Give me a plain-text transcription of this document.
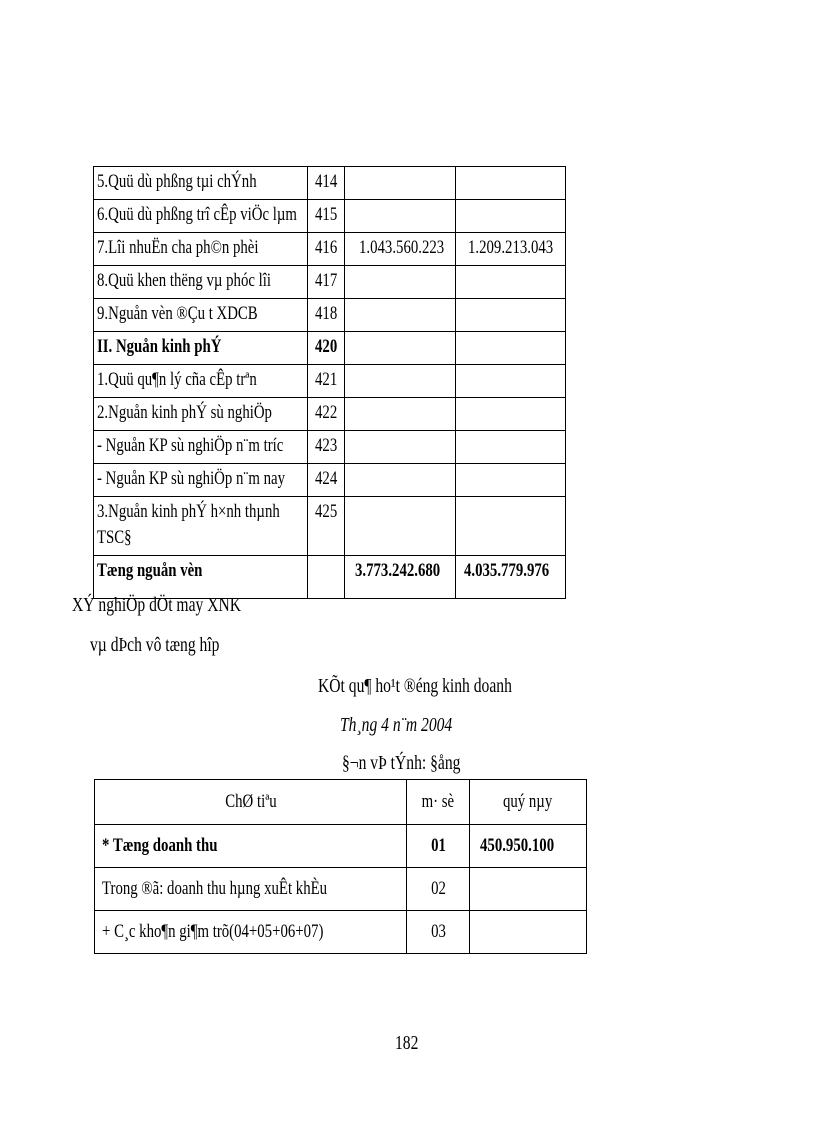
5.Quü dù phßng tµi chÝnh	414		
6.Quü dù phßng trî cÊp viÖc lµm	415		
7.Lîi nhuËn cha ph©n phèi	416	1.043.560.223	1.209.213.043
8.Quü khen thëng vµ phóc lîi	417		
9.Nguån vèn ®Çu t XDCB	418		
II. Nguån kinh phÝ	420		
1.Quü qu¶n lý cña cÊp trªn	421		
2.Nguån kinh phÝ sù nghiÖp	422		
- Nguån KP sù nghiÖp n¨m tríc	423		
- Nguån KP sù nghiÖp n¨m nay	424		
3.Nguån kinh phÝ h×nh thµnh TSC§	425		
Tæng nguån vèn		3.773.242.680	4.035.779.976
XÝ nghiÖp dÖt may XNK
vµ dÞch vô tæng hîp
KÕt qu¶ ho¹t ®éng kinh doanh
Th¸ng 4 n¨m 2004
§¬n vÞ tÝnh: §ång
ChØ tiªu	m· sè	quý nµy
* Tæng doanh thu	01	450.950.100
Trong ®ã: doanh thu hµng xuÊt khÈu	02	
+ C¸c kho¶n gi¶m trõ(04+05+06+07)	03	
182
